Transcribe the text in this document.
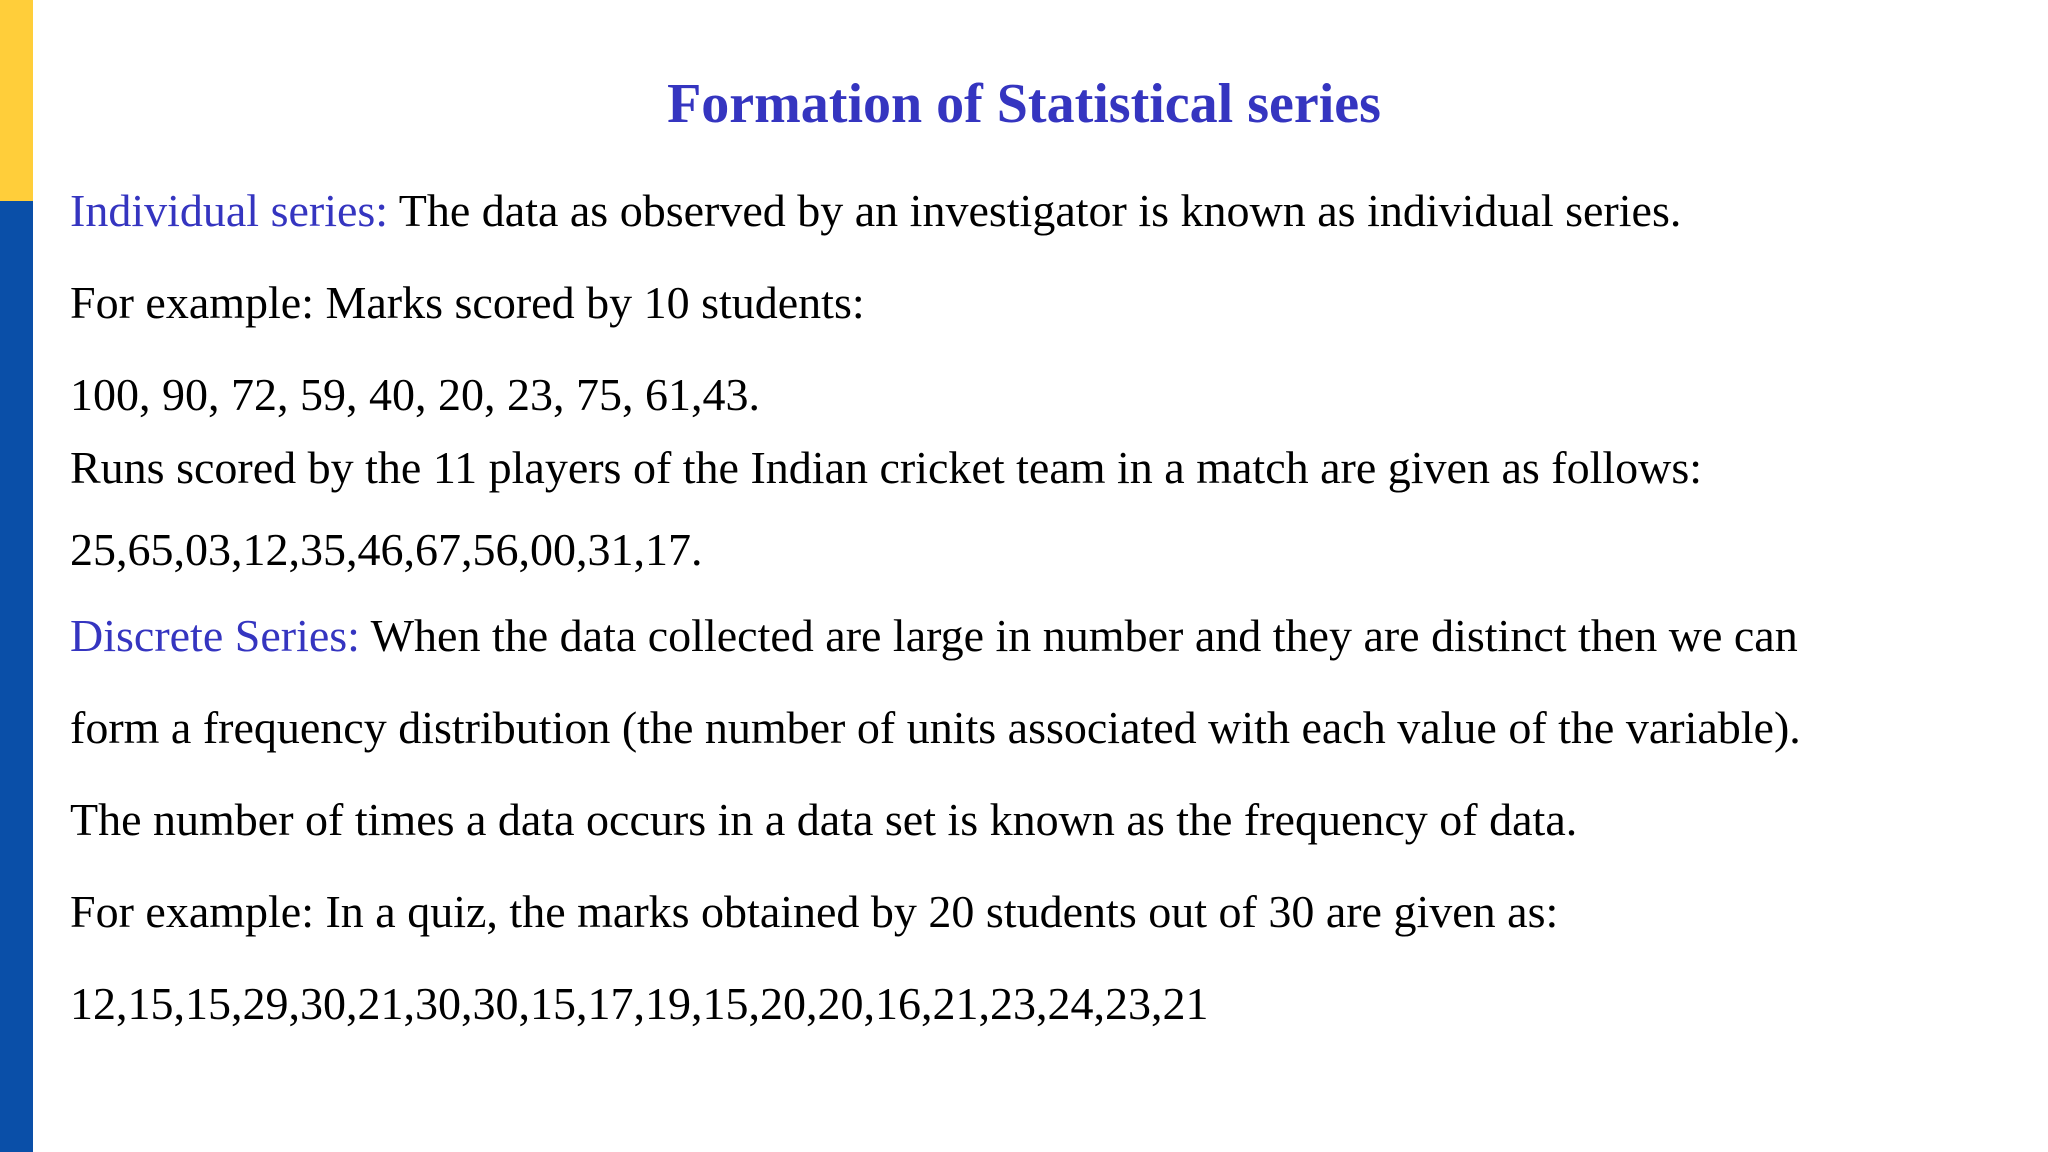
Formation of Statistical series
Individual series: The data as observed by an investigator is known as individual series.
For example: Marks scored by 10 students:
100, 90, 72, 59, 40, 20, 23, 75, 61,43.
Runs scored by the 11 players of the Indian cricket team in a match are given as follows:
25,65,03,12,35,46,67,56,00,31,17.
Discrete Series: When the data collected are large in number and they are distinct then we can
form a frequency distribution (the number of units associated with each value of the variable).
The number of times a data occurs in a data set is known as the frequency of data.
For example: In a quiz, the marks obtained by 20 students out of 30 are given as:
12,15,15,29,30,21,30,30,15,17,19,15,20,20,16,21,23,24,23,21
